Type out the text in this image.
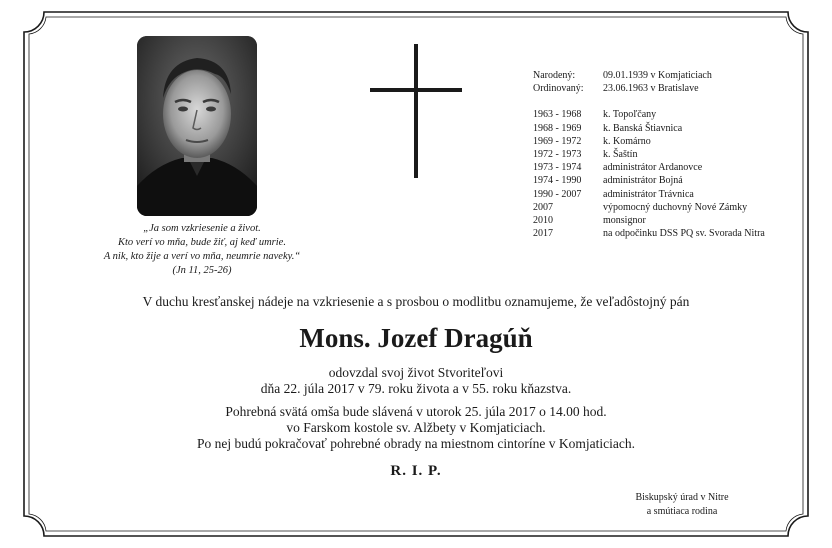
„Ja som vzkriesenie a život.
Kto verí vo mňa, bude žiť, aj keď umrie.
A nik, kto žije a verí vo mňa, neumrie naveky.“
(Jn 11, 25-26)
Narodený:	09.01.1939 v Komjaticiach
Ordinovaný:	23.06.1963 v Bratislave
1963 - 1968	k. Topoľčany
1968 - 1969	k. Banská Štiavnica
1969 - 1972	k. Komárno
1972 - 1973	k. Šaštín
1973 - 1974	administrátor Ardanovce
1974 - 1990	administrátor Bojná
1990 - 2007	administrátor Trávnica
2007	výpomocný duchovný Nové Zámky
2010	monsignor
2017	na odpočinku DSS PQ sv. Svorada Nitra
V duchu kresťanskej nádeje na vzkriesenie a s prosbou o modlitbu oznamujeme, že veľadôstojný pán
Mons. Jozef Dragúň
odovzdal svoj život Stvoriteľovi
dňa 22. júla 2017 v 79. roku života a v 55. roku kňazstva.
Pohrebná svätá omša bude slávená v utorok 25. júla 2017 o 14.00 hod.
vo Farskom kostole sv. Alžbety v Komjaticiach.
Po nej budú pokračovať pohrebné obrady na miestnom cintoríne v Komjaticiach.
R. I. P.
Biskupský úrad v Nitre
a smútiaca rodina
